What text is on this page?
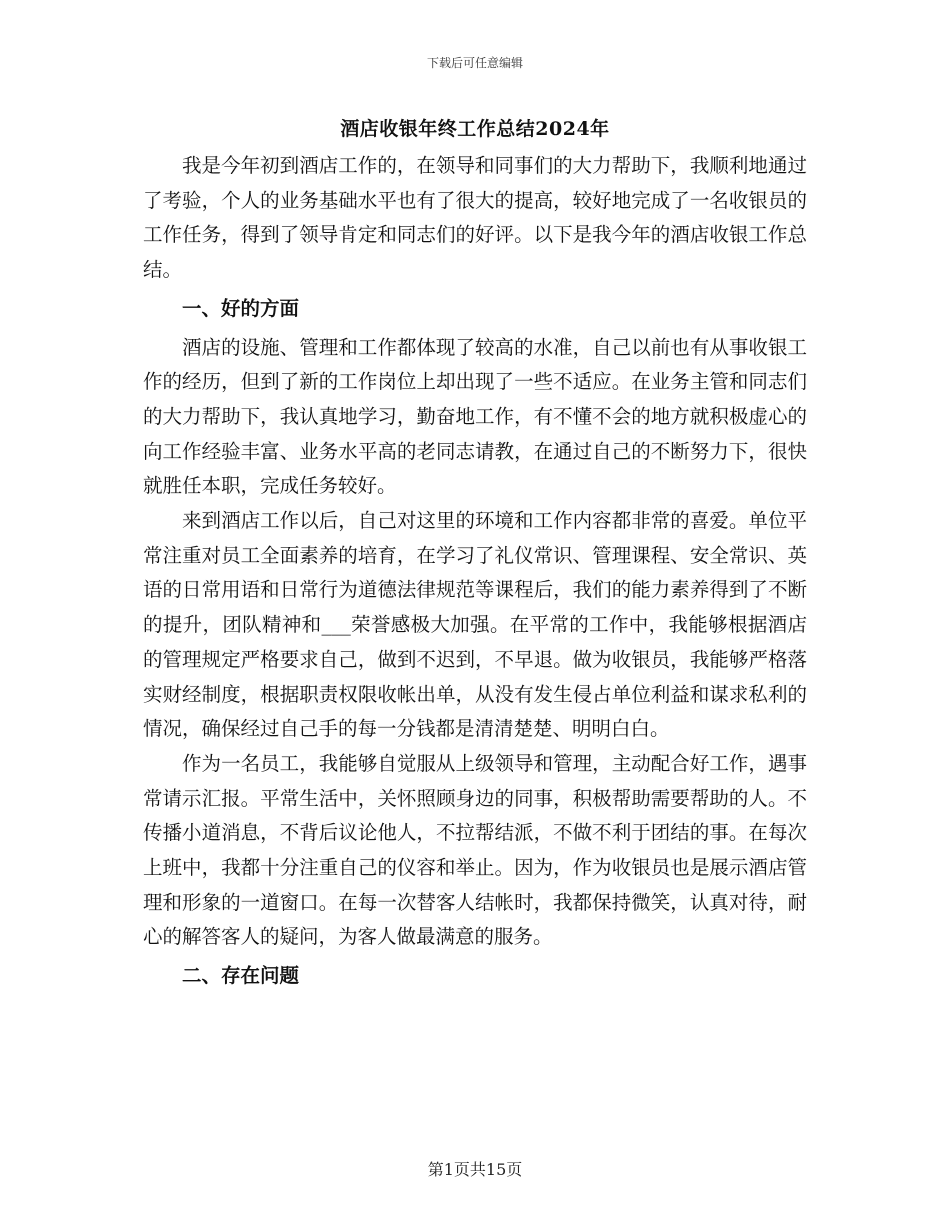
下载后可任意编辑
酒店收银年终工作总结2024年

我是今年初到酒店工作的，在领导和同事们的大力帮助下，我顺利地通过了考验，个人的业务基础水平也有了很大的提高，较好地完成了一名收银员的工作任务，得到了领导肯定和同志们的好评。以下是我今年的酒店收银工作总结。

一、好的方面

酒店的设施、管理和工作都体现了较高的水准，自己以前也有从事收银工作的经历，但到了新的工作岗位上却出现了一些不适应。在业务主管和同志们的大力帮助下，我认真地学习，勤奋地工作，有不懂不会的地方就积极虚心的向工作经验丰富、业务水平高的老同志请教，在通过自己的不断努力下，很快就胜任本职，完成任务较好。

来到酒店工作以后，自己对这里的环境和工作内容都非常的喜爱。单位平常注重对员工全面素养的培育，在学习了礼仪常识、管理课程、安全常识、英语的日常用语和日常行为道德法律规范等课程后，我们的能力素养得到了不断的提升，团队精神和___荣誉感极大加强。在平常的工作中，我能够根据酒店的管理规定严格要求自己，做到不迟到，不早退。做为收银员，我能够严格落实财经制度，根据职责权限收帐出单，从没有发生侵占单位利益和谋求私利的情况，确保经过自己手的每一分钱都是清清楚楚、明明白白。

作为一名员工，我能够自觉服从上级领导和管理，主动配合好工作，遇事常请示汇报。平常生活中，关怀照顾身边的同事，积极帮助需要帮助的人。不传播小道消息，不背后议论他人，不拉帮结派，不做不利于团结的事。在每次上班中，我都十分注重自己的仪容和举止。因为，作为收银员也是展示酒店管理和形象的一道窗口。在每一次替客人结帐时，我都保持微笑，认真对待，耐心的解答客人的疑问，为客人做最满意的服务。

二、存在问题

第1页共15页
